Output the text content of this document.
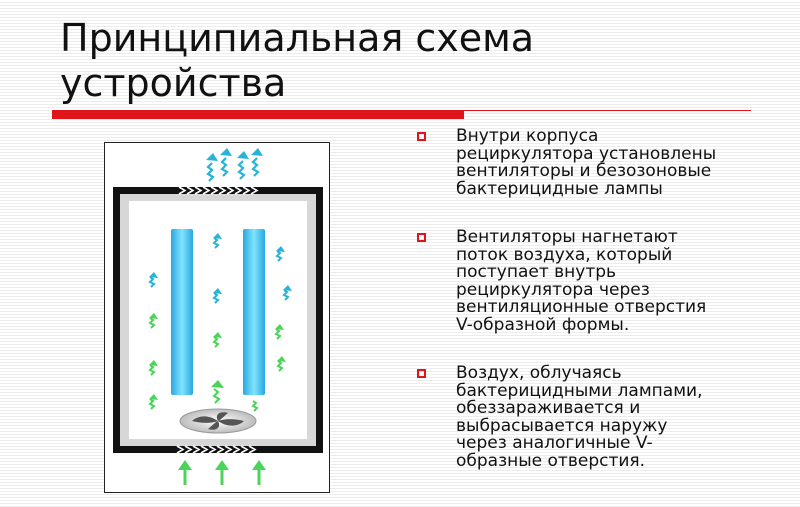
Принципиальная схема
устройства
Внутри корпуса
рециркулятора установлены
вентиляторы и безозоновые
бактерицидные лампы
Вентиляторы нагнетают
поток воздуха, который
поступает внутрь
рециркулятора через
вентиляционные отверстия
V-образной формы.
Воздух, облучаясь
бактерицидными лампами,
обеззараживается и
выбрасывается наружу
через аналогичные V-
образные отверстия.
